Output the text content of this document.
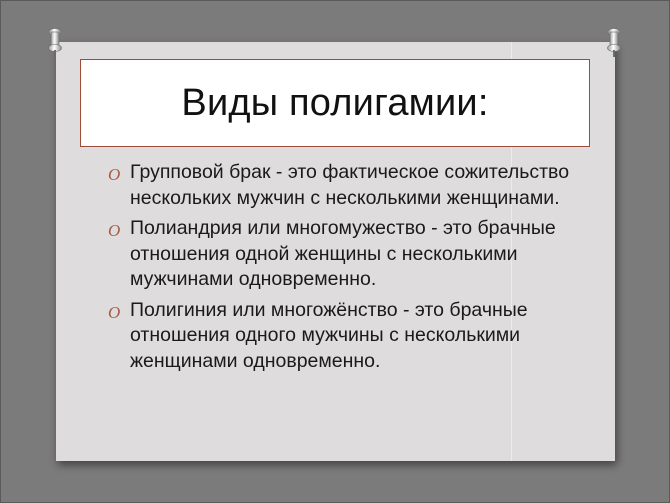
Виды полигамии:
O Групповой брак - это фактическое сожительство нескольких мужчин с несколькими женщинами.
O Полиандрия или многомужество - это брачные отношения одной женщины с несколькими мужчинами одновременно.
O Полигиния или многожёнство - это брачные отношения одного мужчины с несколькими женщинами одновременно.
